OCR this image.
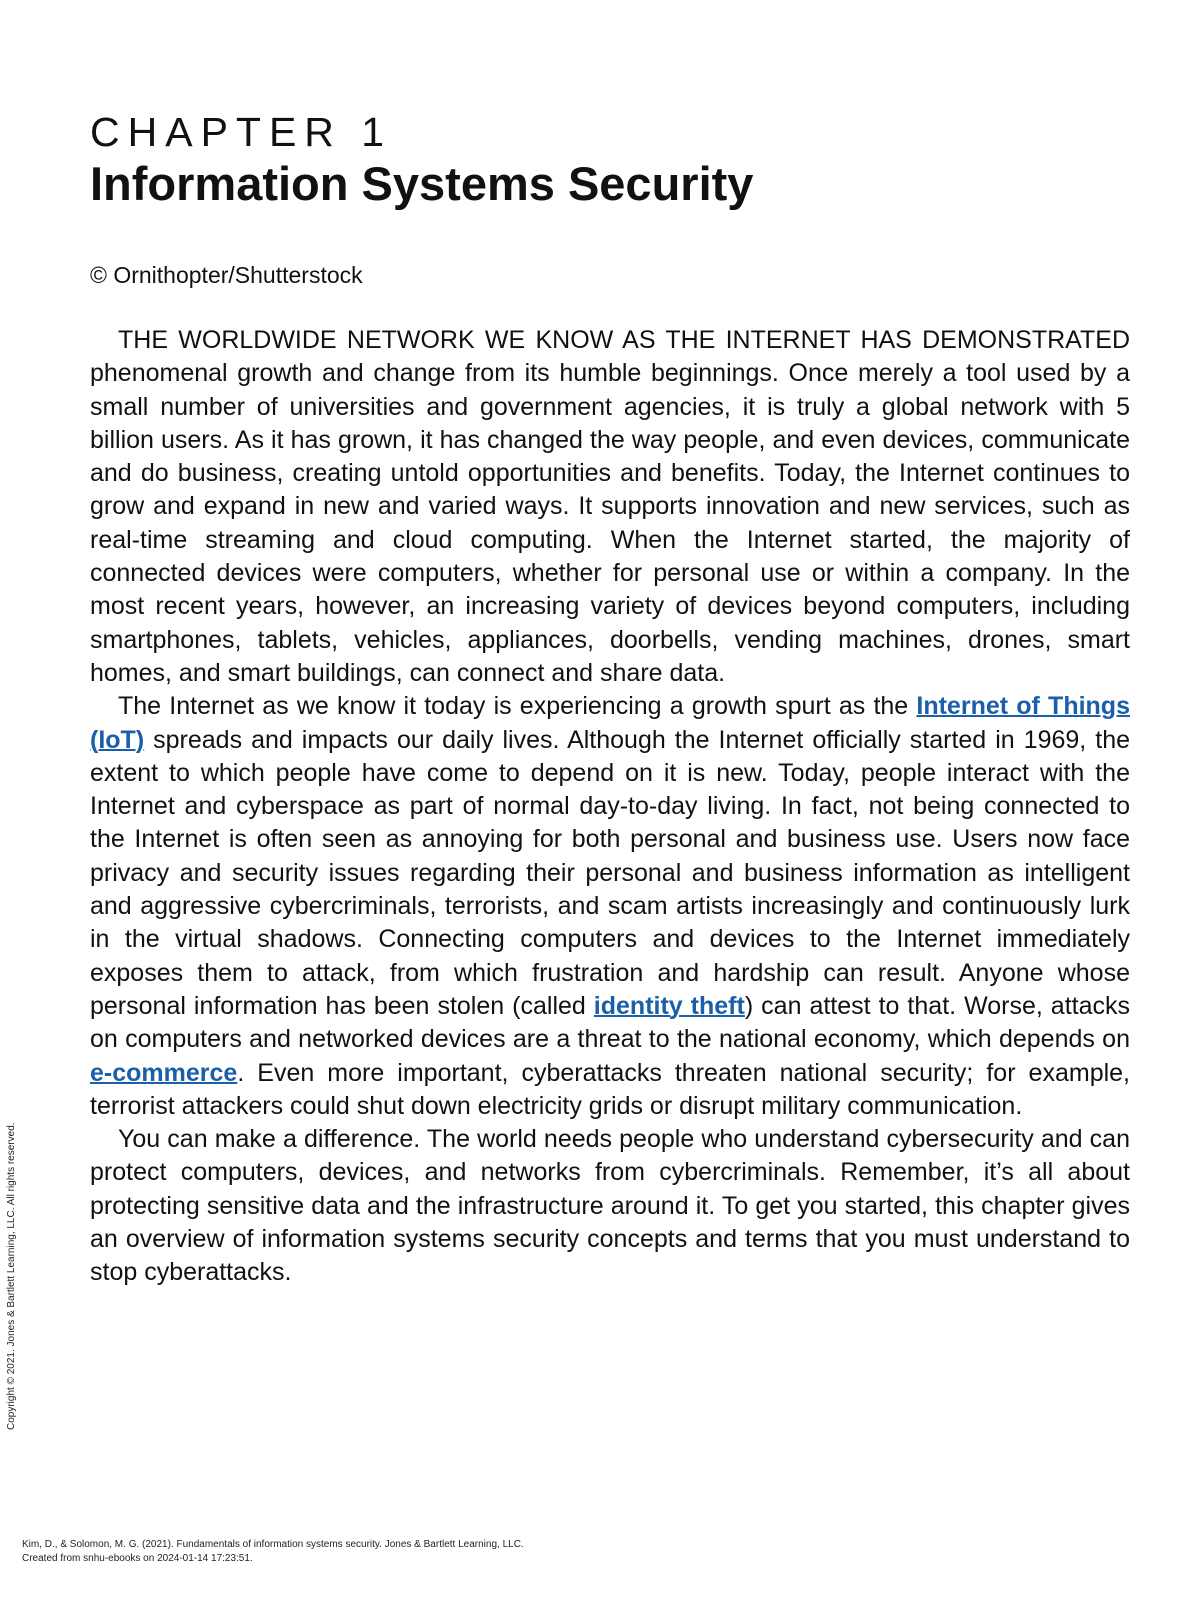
CHAPTER 1
Information Systems Security
© Ornithopter/Shutterstock

THE WORLDWIDE NETWORK WE KNOW AS THE INTERNET HAS DEMONSTRATED phenomenal growth and change from its humble beginnings. Once merely a tool used by a small number of universities and government agencies, it is truly a global network with 5 billion users. As it has grown, it has changed the way people, and even devices, communicate and do business, creating untold opportunities and benefits. Today, the Internet continues to grow and expand in new and varied ways. It supports innovation and new services, such as real-time streaming and cloud computing. When the Internet started, the majority of connected devices were computers, whether for personal use or within a company. In the most recent years, however, an increasing variety of devices beyond computers, including smartphones, tablets, vehicles, appliances, doorbells, vending machines, drones, smart homes, and smart buildings, can connect and share data.

The Internet as we know it today is experiencing a growth spurt as the Internet of Things (IoT) spreads and impacts our daily lives. Although the Internet officially started in 1969, the extent to which people have come to depend on it is new. Today, people interact with the Internet and cyberspace as part of normal day-to-day living. In fact, not being connected to the Internet is often seen as annoying for both personal and business use. Users now face privacy and security issues regarding their personal and business information as intelligent and aggressive cybercriminals, terrorists, and scam artists increasingly and continuously lurk in the virtual shadows. Connecting computers and devices to the Internet immediately exposes them to attack, from which frustration and hardship can result. Anyone whose personal information has been stolen (called identity theft) can attest to that. Worse, attacks on computers and networked devices are a threat to the national economy, which depends on e-commerce. Even more important, cyberattacks threaten national security; for example, terrorist attackers could shut down electricity grids or disrupt military communication.

You can make a difference. The world needs people who understand cybersecurity and can protect computers, devices, and networks from cybercriminals. Remember, it’s all about protecting sensitive data and the infrastructure around it. To get you started, this chapter gives an overview of information systems security concepts and terms that you must understand to stop cyberattacks.

Copyright © 2021. Jones & Bartlett Learning, LLC. All rights reserved.
Kim, D., & Solomon, M. G. (2021). Fundamentals of information systems security. Jones & Bartlett Learning, LLC.
Created from snhu-ebooks on 2024-01-14 17:23:51.
